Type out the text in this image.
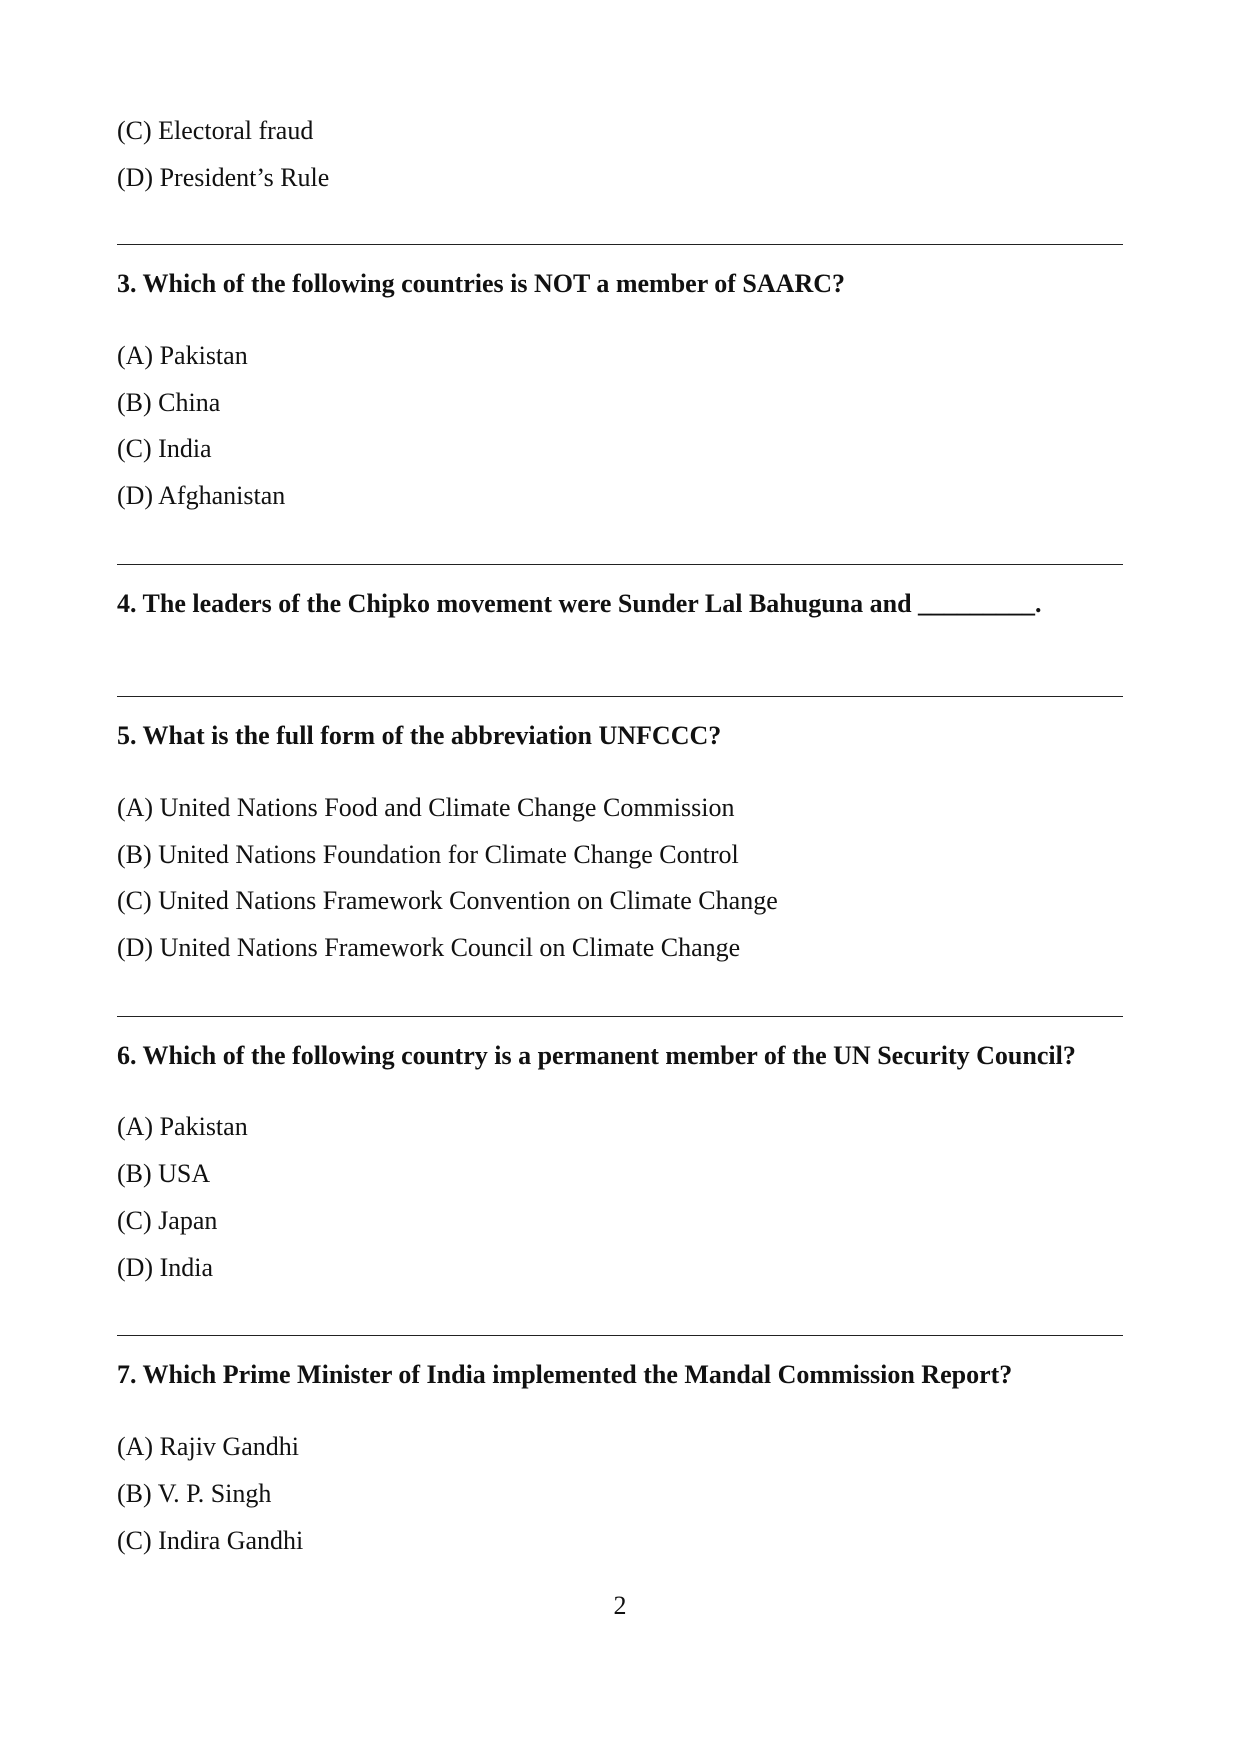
(C) Electoral fraud
(D) President’s Rule
3. Which of the following countries is NOT a member of SAARC?
(A) Pakistan
(B) China
(C) India
(D) Afghanistan
4. The leaders of the Chipko movement were Sunder Lal Bahuguna and _________.
5. What is the full form of the abbreviation UNFCCC?
(A) United Nations Food and Climate Change Commission
(B) United Nations Foundation for Climate Change Control
(C) United Nations Framework Convention on Climate Change
(D) United Nations Framework Council on Climate Change
6. Which of the following country is a permanent member of the UN Security Council?
(A) Pakistan
(B) USA
(C) Japan
(D) India
7. Which Prime Minister of India implemented the Mandal Commission Report?
(A) Rajiv Gandhi
(B) V. P. Singh
(C) Indira Gandhi
2
